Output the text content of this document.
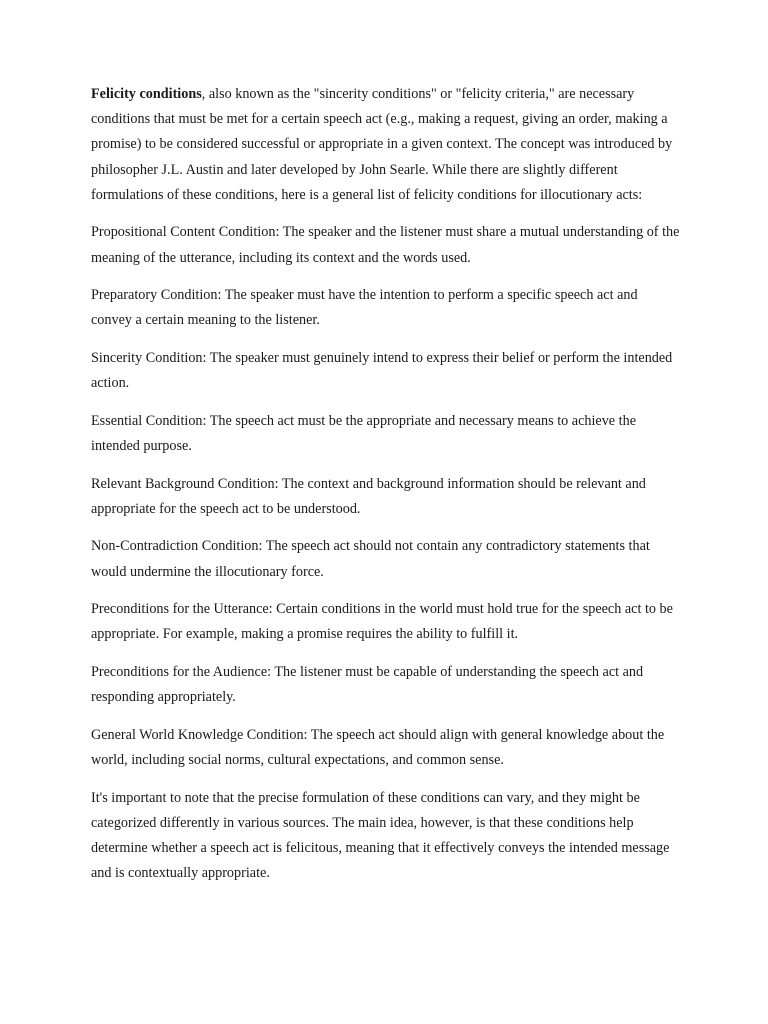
Felicity conditions, also known as the "sincerity conditions" or "felicity criteria," are necessary conditions that must be met for a certain speech act (e.g., making a request, giving an order, making a promise) to be considered successful or appropriate in a given context. The concept was introduced by philosopher J.L. Austin and later developed by John Searle. While there are slightly different formulations of these conditions, here is a general list of felicity conditions for illocutionary acts:

Propositional Content Condition: The speaker and the listener must share a mutual understanding of the meaning of the utterance, including its context and the words used.

Preparatory Condition: The speaker must have the intention to perform a specific speech act and convey a certain meaning to the listener.

Sincerity Condition: The speaker must genuinely intend to express their belief or perform the intended action.

Essential Condition: The speech act must be the appropriate and necessary means to achieve the intended purpose.

Relevant Background Condition: The context and background information should be relevant and appropriate for the speech act to be understood.

Non-Contradiction Condition: The speech act should not contain any contradictory statements that would undermine the illocutionary force.

Preconditions for the Utterance: Certain conditions in the world must hold true for the speech act to be appropriate. For example, making a promise requires the ability to fulfill it.

Preconditions for the Audience: The listener must be capable of understanding the speech act and responding appropriately.

General World Knowledge Condition: The speech act should align with general knowledge about the world, including social norms, cultural expectations, and common sense.

It's important to note that the precise formulation of these conditions can vary, and they might be categorized differently in various sources. The main idea, however, is that these conditions help determine whether a speech act is felicitous, meaning that it effectively conveys the intended message and is contextually appropriate.
